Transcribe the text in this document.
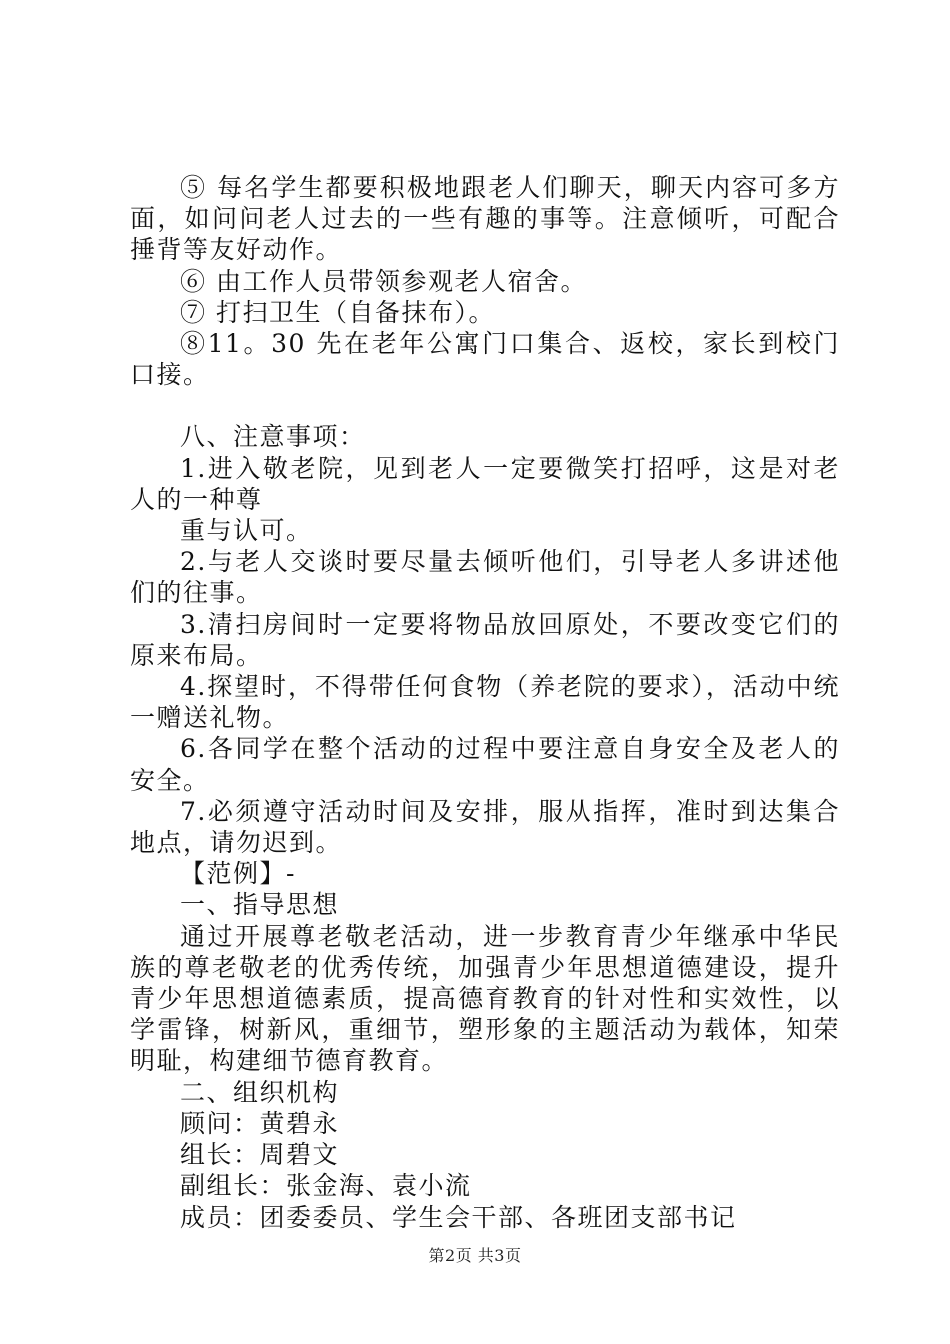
⑤ 每名学生都要积极地跟老人们聊天，聊天内容可多方面，如问问老人过去的一些有趣的事等。注意倾听，可配合捶背等友好动作。

⑥ 由工作人员带领参观老人宿舍。

⑦ 打扫卫生（自备抹布）。

⑧11。30 先在老年公寓门口集合、返校，家长到校门口接。

八、注意事项：

1.进入敬老院，见到老人一定要微笑打招呼，这是对老人的一种尊

重与认可。

2.与老人交谈时要尽量去倾听他们，引导老人多讲述他们的往事。

3.清扫房间时一定要将物品放回原处，不要改变它们的原来布局。

4.探望时，不得带任何食物（养老院的要求），活动中统一赠送礼物。

6.各同学在整个活动的过程中要注意自身安全及老人的安全。

7.必须遵守活动时间及安排，服从指挥，准时到达集合地点，请勿迟到。

【范例】-

一、指导思想

通过开展尊老敬老活动，进一步教育青少年继承中华民族的尊老敬老的优秀传统，加强青少年思想道德建设，提升青少年思想道德素质，提高德育教育的针对性和实效性，以学雷锋，树新风，重细节，塑形象的主题活动为载体，知荣明耻，构建细节德育教育。

二、组织机构

顾问：黄碧永

组长：周碧文

副组长：张金海、袁小流

成员：团委委员、学生会干部、各班团支部书记

第2页 共3页
